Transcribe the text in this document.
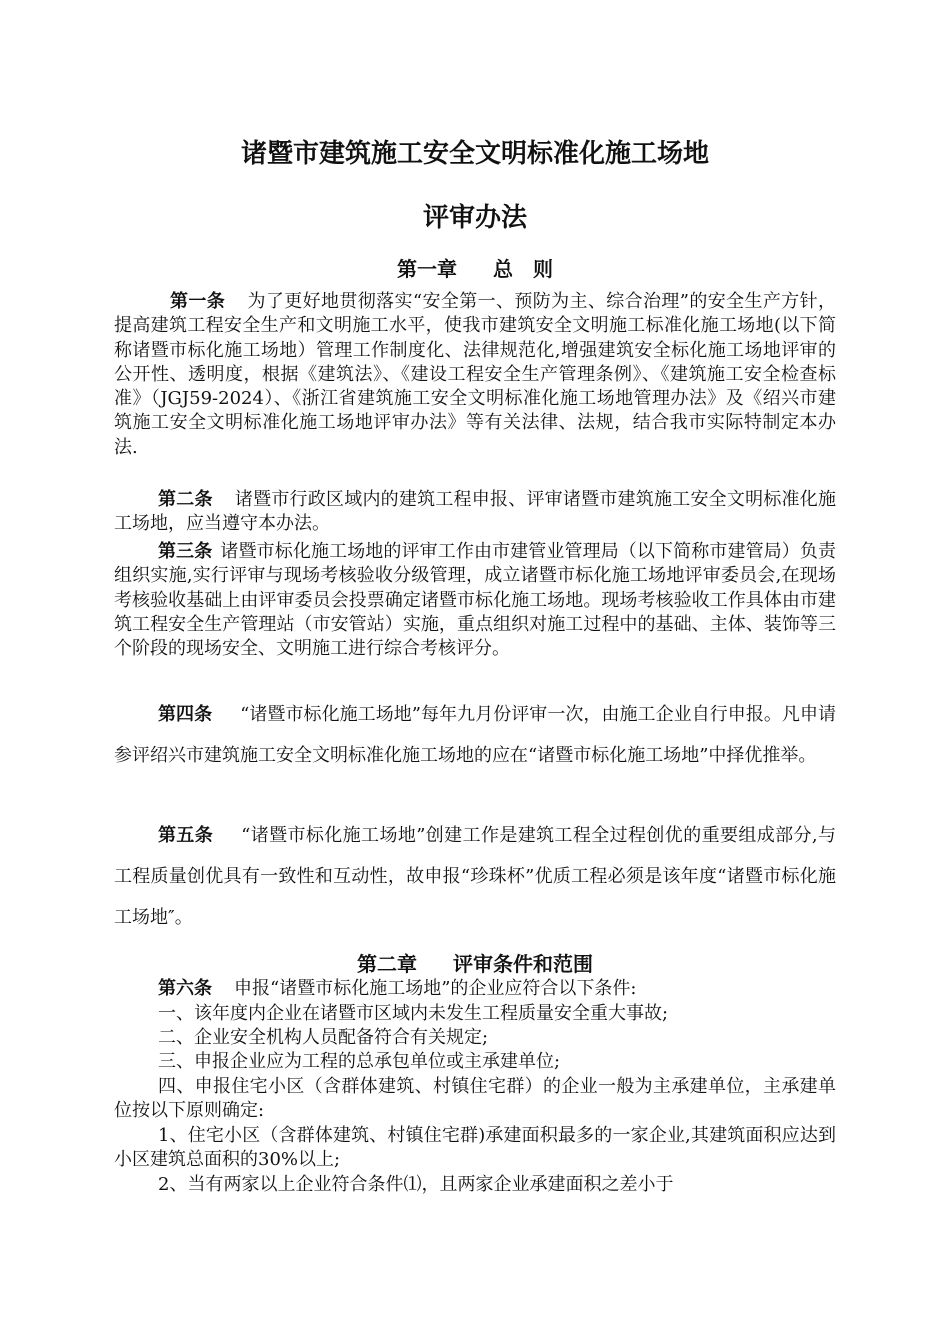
诸暨市建筑施工安全文明标准化施工场地
评审办法
第一章 总　则

第一条 为了更好地贯彻落实“安全第一、预防为主、综合治理”的安全生产方针，提高建筑工程安全生产和文明施工水平，使我市建筑安全文明施工标准化施工场地(以下简称诸暨市标化施工场地）管理工作制度化、法律规范化,增强建筑安全标化施工场地评审的公开性、透明度，根据《建筑法》、《建设工程安全生产管理条例》、《建筑施工安全检查标准》（JGJ59-2024）、《浙江省建筑施工安全文明标准化施工场地管理办法》及《绍兴市建筑施工安全文明标准化施工场地评审办法》等有关法律、法规，结合我市实际特制定本办法.

第二条 诸暨市行政区域内的建筑工程申报、评审诸暨市建筑施工安全文明标准化施工场地，应当遵守本办法。

第三条 诸暨市标化施工场地的评审工作由市建管业管理局（以下简称市建管局）负责组织实施,实行评审与现场考核验收分级管理，成立诸暨市标化施工场地评审委员会,在现场考核验收基础上由评审委员会投票确定诸暨市标化施工场地。现场考核验收工作具体由市建筑工程安全生产管理站（市安管站）实施，重点组织对施工过程中的基础、主体、装饰等三个阶段的现场安全、文明施工进行综合考核评分。

第四条 “诸暨市标化施工场地”每年九月份评审一次，由施工企业自行申报。凡申请参评绍兴市建筑施工安全文明标准化施工场地的应在“诸暨市标化施工场地”中择优推举。

第五条 “诸暨市标化施工场地”创建工作是建筑工程全过程创优的重要组成部分,与工程质量创优具有一致性和互动性，故申报“珍珠杯”优质工程必须是该年度“诸暨市标化施工场地″。

第二章 评审条件和范围

第六条 申报“诸暨市标化施工场地”的企业应符合以下条件:

一、该年度内企业在诸暨市区域内未发生工程质量安全重大事故;

二、企业安全机构人员配备符合有关规定;

三、申报企业应为工程的总承包单位或主承建单位;

四、申报住宅小区（含群体建筑、村镇住宅群）的企业一般为主承建单位，主承建单位按以下原则确定:

1、住宅小区（含群体建筑、村镇住宅群)承建面积最多的一家企业,其建筑面积应达到小区建筑总面积的30%以上;

2、当有两家以上企业符合条件⑴，且两家企业承建面积之差小于
